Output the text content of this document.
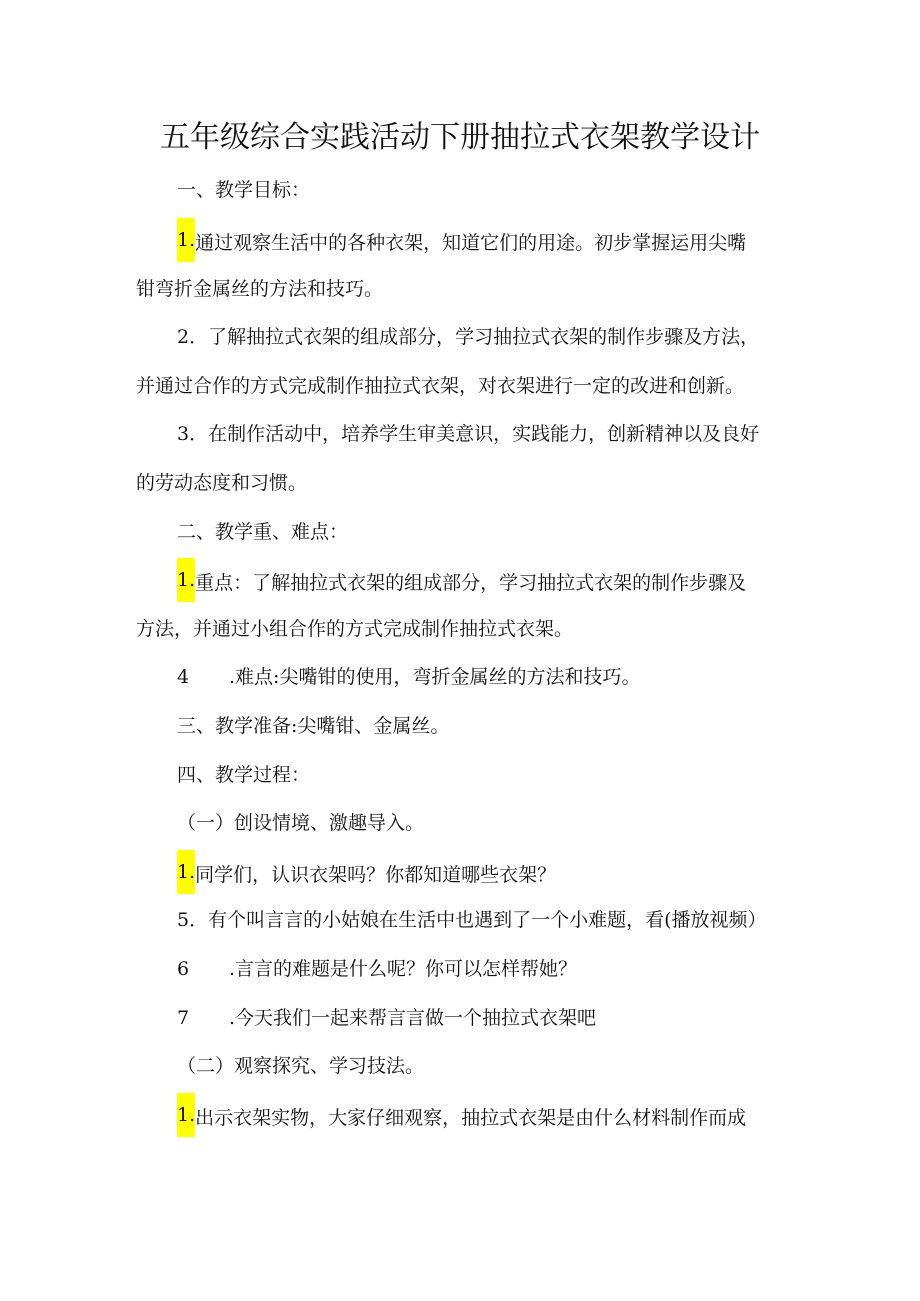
五年级综合实践活动下册抽拉式衣架教学设计

一、教学目标：

1.通过观察生活中的各种衣架，知道它们的用途。初步掌握运用尖嘴

钳弯折金属丝的方法和技巧。

2．了解抽拉式衣架的组成部分，学习抽拉式衣架的制作步骤及方法，

并通过合作的方式完成制作抽拉式衣架，对衣架进行一定的改进和创新。

3．在制作活动中，培养学生审美意识，实践能力，创新精神以及良好

的劳动态度和习惯。

二、教学重、难点：

1.重点：了解抽拉式衣架的组成部分，学习抽拉式衣架的制作步骤及

方法，并通过小组合作的方式完成制作抽拉式衣架。

4 .难点:尖嘴钳的使用，弯折金属丝的方法和技巧。

三、教学准备:尖嘴钳、金属丝。

四、教学过程：

（一）创设情境、激趣导入。

1.同学们，认识衣架吗？你都知道哪些衣架？

5．有个叫言言的小姑娘在生活中也遇到了一个小难题，看(播放视频）

6 .言言的难题是什么呢？你可以怎样帮她？

7 .今天我们一起来帮言言做一个抽拉式衣架吧

（二）观察探究、学习技法。

1.出示衣架实物，大家仔细观察，抽拉式衣架是由什么材料制作而成
